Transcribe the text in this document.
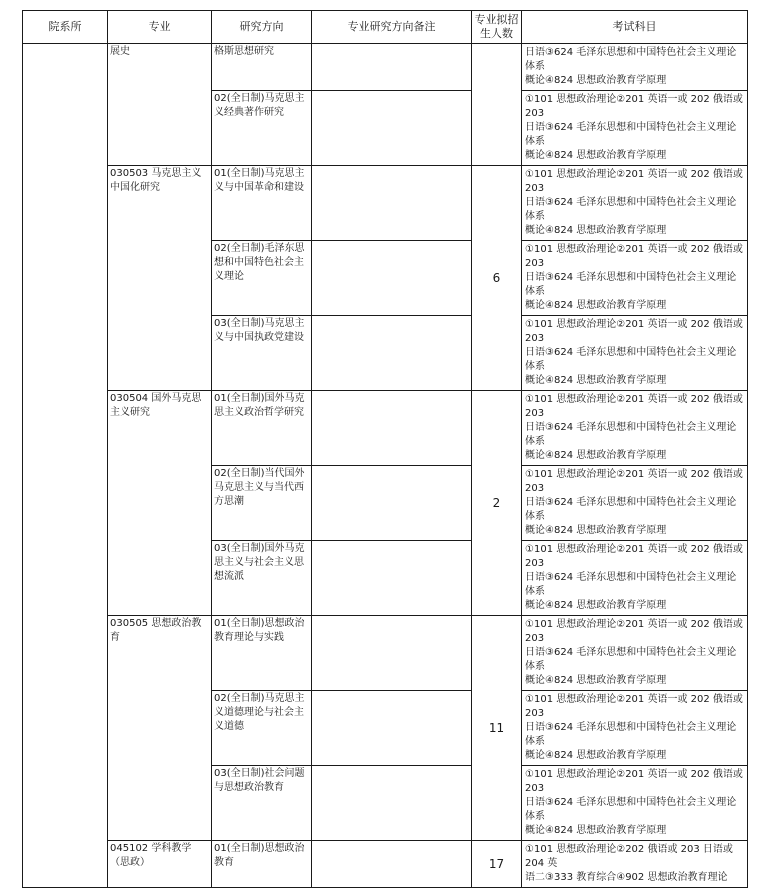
院系所	专业	研究方向	专业研究方向备注	专业拟招
生人数	考试科目
	展史	格斯思想研究			日语③624 毛泽东思想和中国特色社会主义理论体系
概论④824 思想政治教育学原理

		02(全日制)马克思主义经典著作研究			①101 思想政治理论②201 英语一或 202 俄语或 203
日语③624 毛泽东思想和中国特色社会主义理论体系
概论④824 思想政治教育学原理

	030503 马克思主义中国化研究	01(全日制)马克思主义与中国革命和建设		6	①101 思想政治理论②201 英语一或 202 俄语或 203
日语③624 毛泽东思想和中国特色社会主义理论体系
概论④824 思想政治教育学原理

		02(全日制)毛泽东思想和中国特色社会主义理论			①101 思想政治理论②201 英语一或 202 俄语或 203
日语③624 毛泽东思想和中国特色社会主义理论体系
概论④824 思想政治教育学原理

		03(全日制)马克思主义与中国执政党建设			①101 思想政治理论②201 英语一或 202 俄语或 203
日语③624 毛泽东思想和中国特色社会主义理论体系
概论④824 思想政治教育学原理

	030504 国外马克思主义研究	01(全日制)国外马克思主义政治哲学研究		2	①101 思想政治理论②201 英语一或 202 俄语或 203
日语③624 毛泽东思想和中国特色社会主义理论体系
概论④824 思想政治教育学原理

		02(全日制)当代国外马克思主义与当代西方思潮			①101 思想政治理论②201 英语一或 202 俄语或 203
日语③624 毛泽东思想和中国特色社会主义理论体系
概论④824 思想政治教育学原理

		03(全日制)国外马克思主义与社会主义思想流派			①101 思想政治理论②201 英语一或 202 俄语或 203
日语③624 毛泽东思想和中国特色社会主义理论体系
概论④824 思想政治教育学原理

	030505 思想政治教育	01(全日制)思想政治教育理论与实践		11	①101 思想政治理论②201 英语一或 202 俄语或 203
日语③624 毛泽东思想和中国特色社会主义理论体系
概论④824 思想政治教育学原理

		02(全日制)马克思主义道德理论与社会主义道德			①101 思想政治理论②201 英语一或 202 俄语或 203
日语③624 毛泽东思想和中国特色社会主义理论体系
概论④824 思想政治教育学原理

		03(全日制)社会问题与思想政治教育			①101 思想政治理论②201 英语一或 202 俄语或 203
日语③624 毛泽东思想和中国特色社会主义理论体系
概论④824 思想政治教育学原理

	045102 学科教学（思政）	01(全日制)思想政治教育		17	①101 思想政治理论②202 俄语或 203 日语或 204 英
语二③333 教育综合④902 思想政治教育理论
